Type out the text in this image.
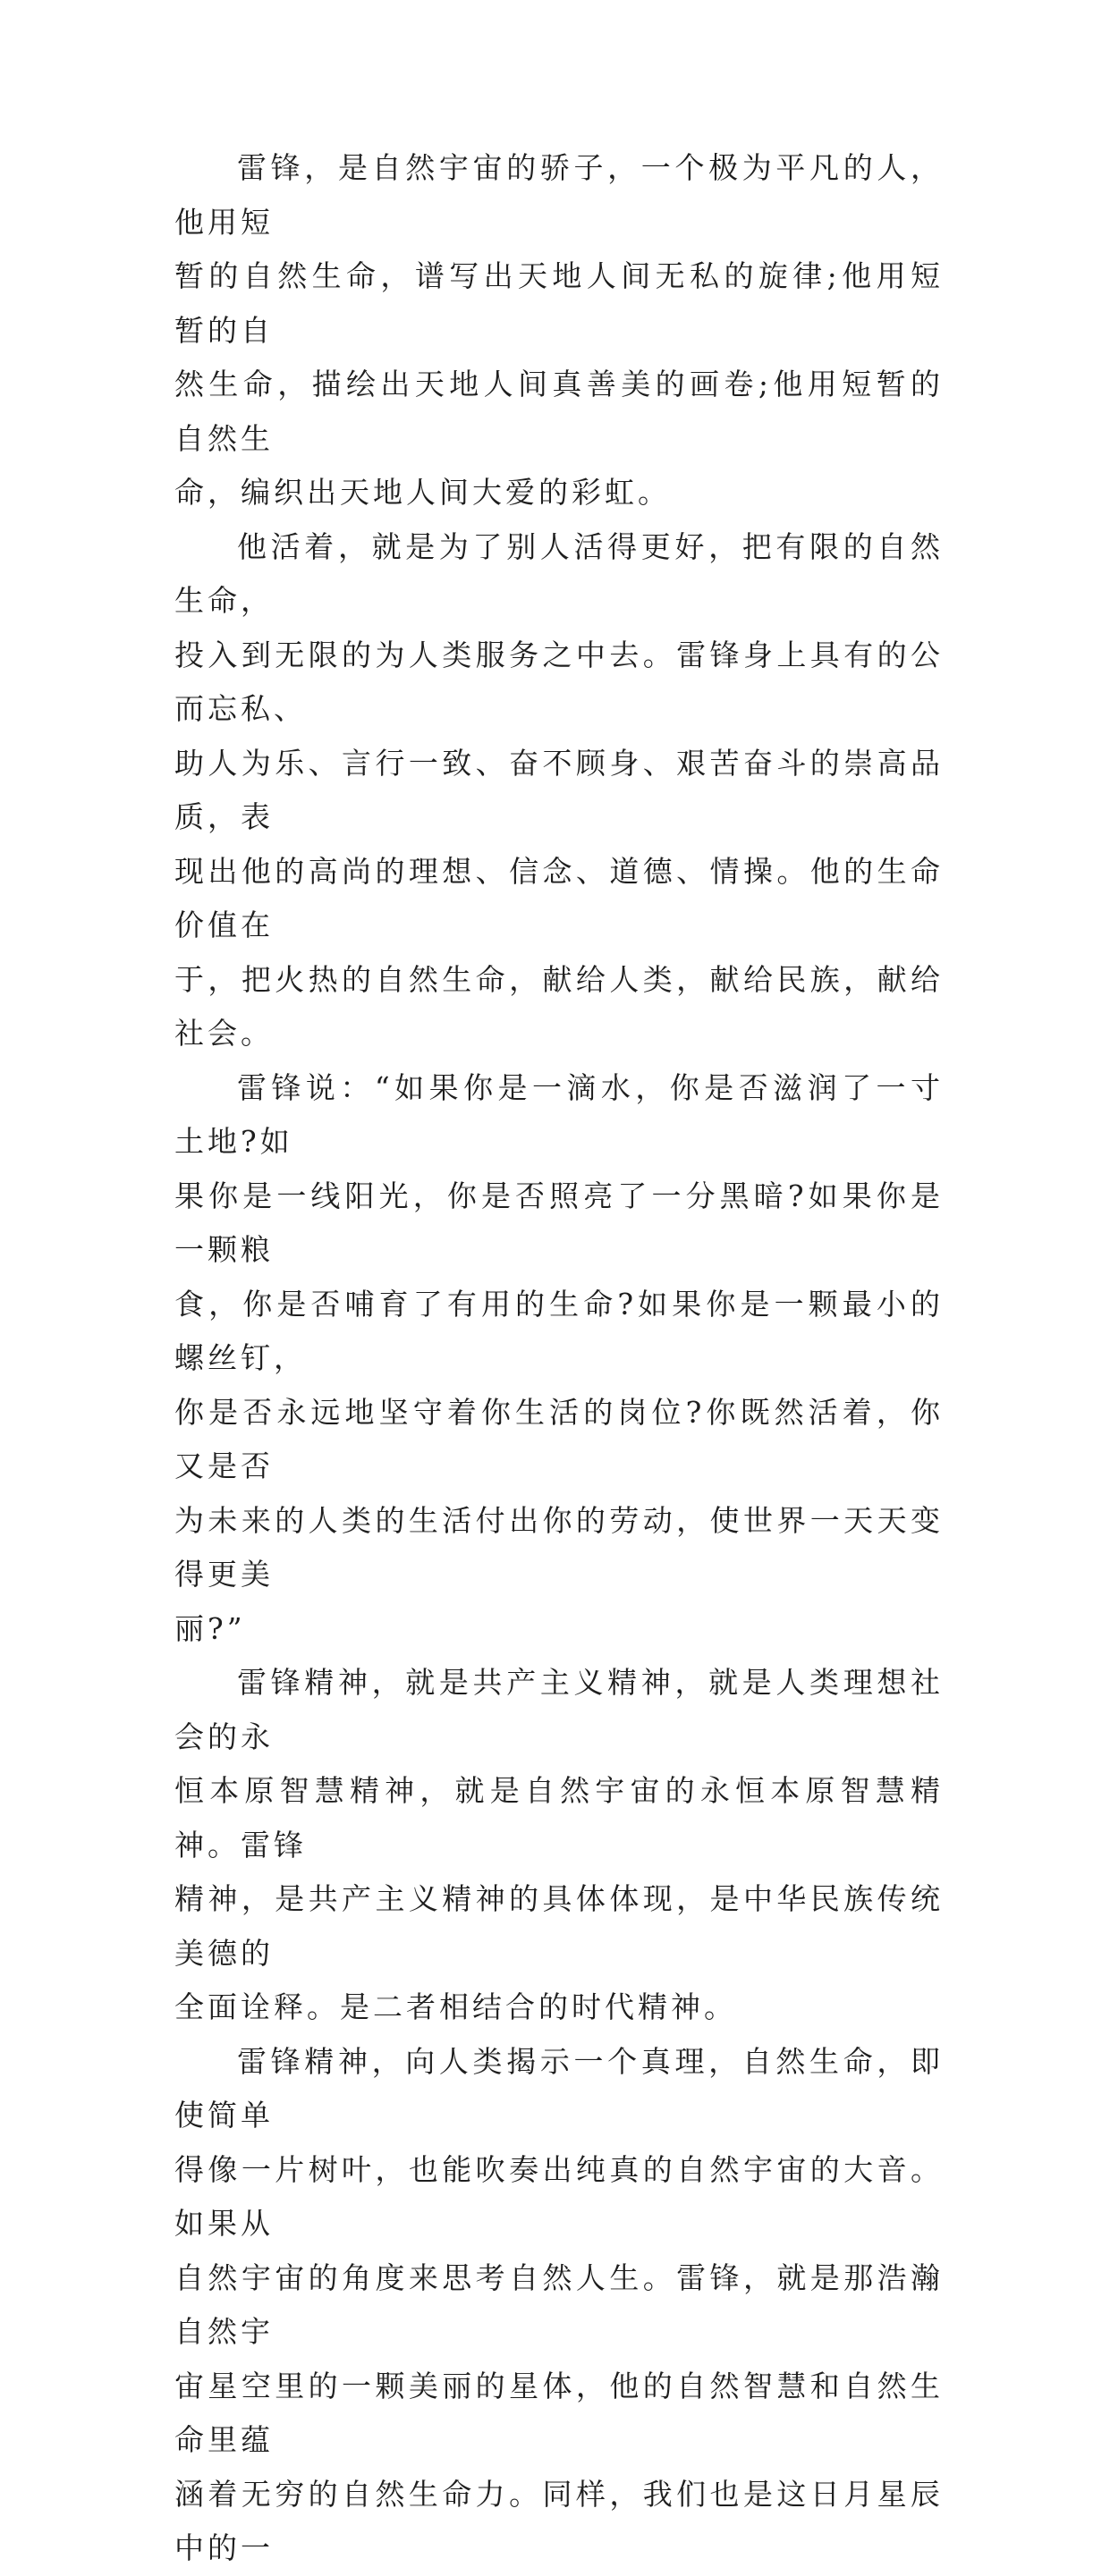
雷锋，是自然宇宙的骄子，一个极为平凡的人，他用短
暂的自然生命，谱写出天地人间无私的旋律;他用短暂的自
然生命，描绘出天地人间真善美的画卷;他用短暂的自然生
命，编织出天地人间大爱的彩虹。

他活着，就是为了别人活得更好，把有限的自然生命，
投入到无限的为人类服务之中去。雷锋身上具有的公而忘私、
助人为乐、言行一致、奋不顾身、艰苦奋斗的崇高品质，表
现出他的高尚的理想、信念、道德、情操。他的生命价值在
于，把火热的自然生命，献给人类，献给民族，献给社会。

雷锋说：“如果你是一滴水，你是否滋润了一寸土地?如
果你是一线阳光，你是否照亮了一分黑暗?如果你是一颗粮
食，你是否哺育了有用的生命?如果你是一颗最小的螺丝钉，
你是否永远地坚守着你生活的岗位?你既然活着，你又是否
为未来的人类的生活付出你的劳动，使世界一天天变得更美
丽?”

雷锋精神，就是共产主义精神，就是人类理想社会的永
恒本原智慧精神，就是自然宇宙的永恒本原智慧精神。雷锋
精神，是共产主义精神的具体体现，是中华民族传统美德的
全面诠释。是二者相结合的时代精神。

雷锋精神，向人类揭示一个真理，自然生命，即使简单
得像一片树叶，也能吹奏出纯真的自然宇宙的大音。如果从
自然宇宙的角度来思考自然人生。雷锋，就是那浩瀚自然宇
宙星空里的一颗美丽的星体，他的自然智慧和自然生命里蕴
涵着无穷的自然生命力。同样，我们也是这日月星辰中的一
